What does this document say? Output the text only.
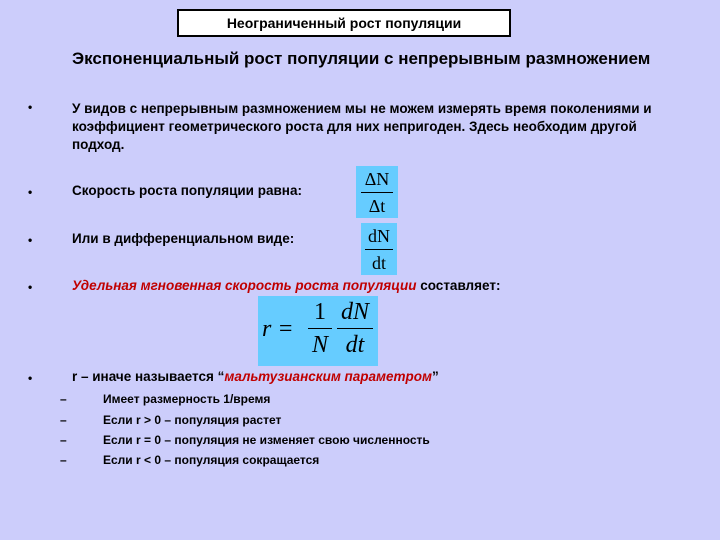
Неограниченный рост популяции
Экспоненциальный рост популяции с непрерывным размножением
•	У видов с непрерывным размножением мы не можем измерять время поколениями и коэффициент геометрического роста для них непригоден. Здесь необходим другой подход.
•	Скорость роста популяции равна:
ΔN
Δt
•	Или в дифференциальном виде:	dN
dt
•	Удельная мгновенная скорость роста популяции составляет:
r =
1
N
dN
dt
•	r – иначе называется “мальтузианским параметром”
–	Имеет размерность 1/время
–	Если r > 0 – популяция растет
–	Если r = 0 – популяция не изменяет свою численность
–	Если r < 0 – популяция сокращается
